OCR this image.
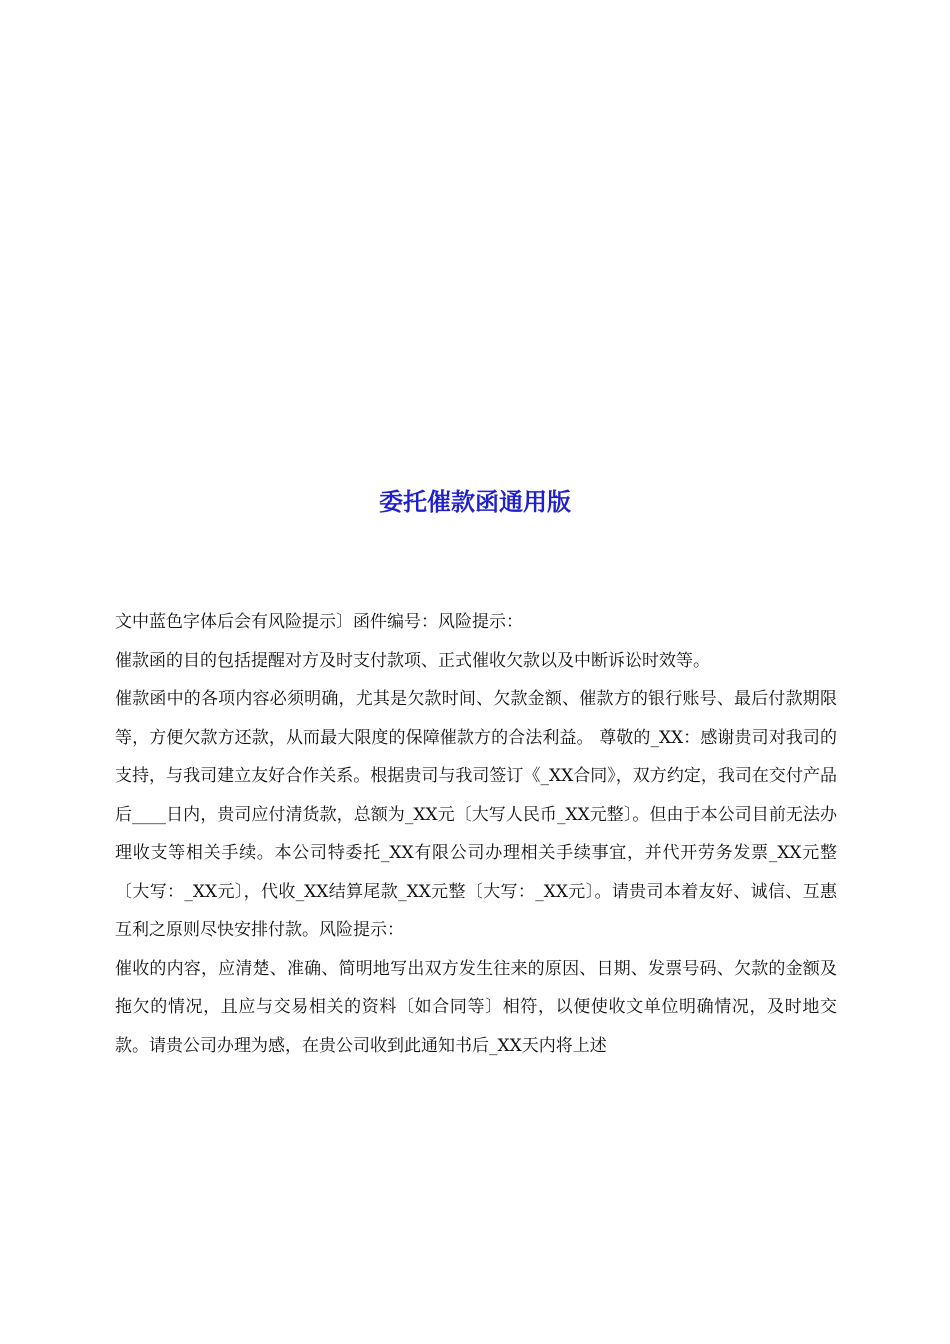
委托催款函通用版

文中蓝色字体后会有风险提示〕函件编号：风险提示：

催款函的目的包括提醒对方及时支付款项、正式催收欠款以及中断诉讼时效等。

催款函中的各项内容必须明确，尤其是欠款时间、欠款金额、催款方的银行账号、最后付款期限等，方便欠款方还款，从而最大限度的保障催款方的合法利益。 尊敬的_XX：感谢贵司对我司的支持，与我司建立友好合作关系。根据贵司与我司签订《_XX合同》，双方约定，我司在交付产品后____日内，贵司应付清货款，总额为_XX元〔大写人民币_XX元整〕。但由于本公司目前无法办理收支等相关手续。本公司特委托_XX有限公司办理相关手续事宜，并代开劳务发票_XX元整〔大写：_XX元〕，代收_XX结算尾款_XX元整〔大写：_XX元〕。请贵司本着友好、诚信、互惠互利之原则尽快安排付款。风险提示：

催收的内容，应清楚、准确、简明地写出双方发生往来的原因、日期、发票号码、欠款的金额及拖欠的情况，且应与交易相关的资料〔如合同等〕相符，以便使收文单位明确情况，及时地交款。请贵公司办理为感，在贵公司收到此通知书后_XX天内将上述
